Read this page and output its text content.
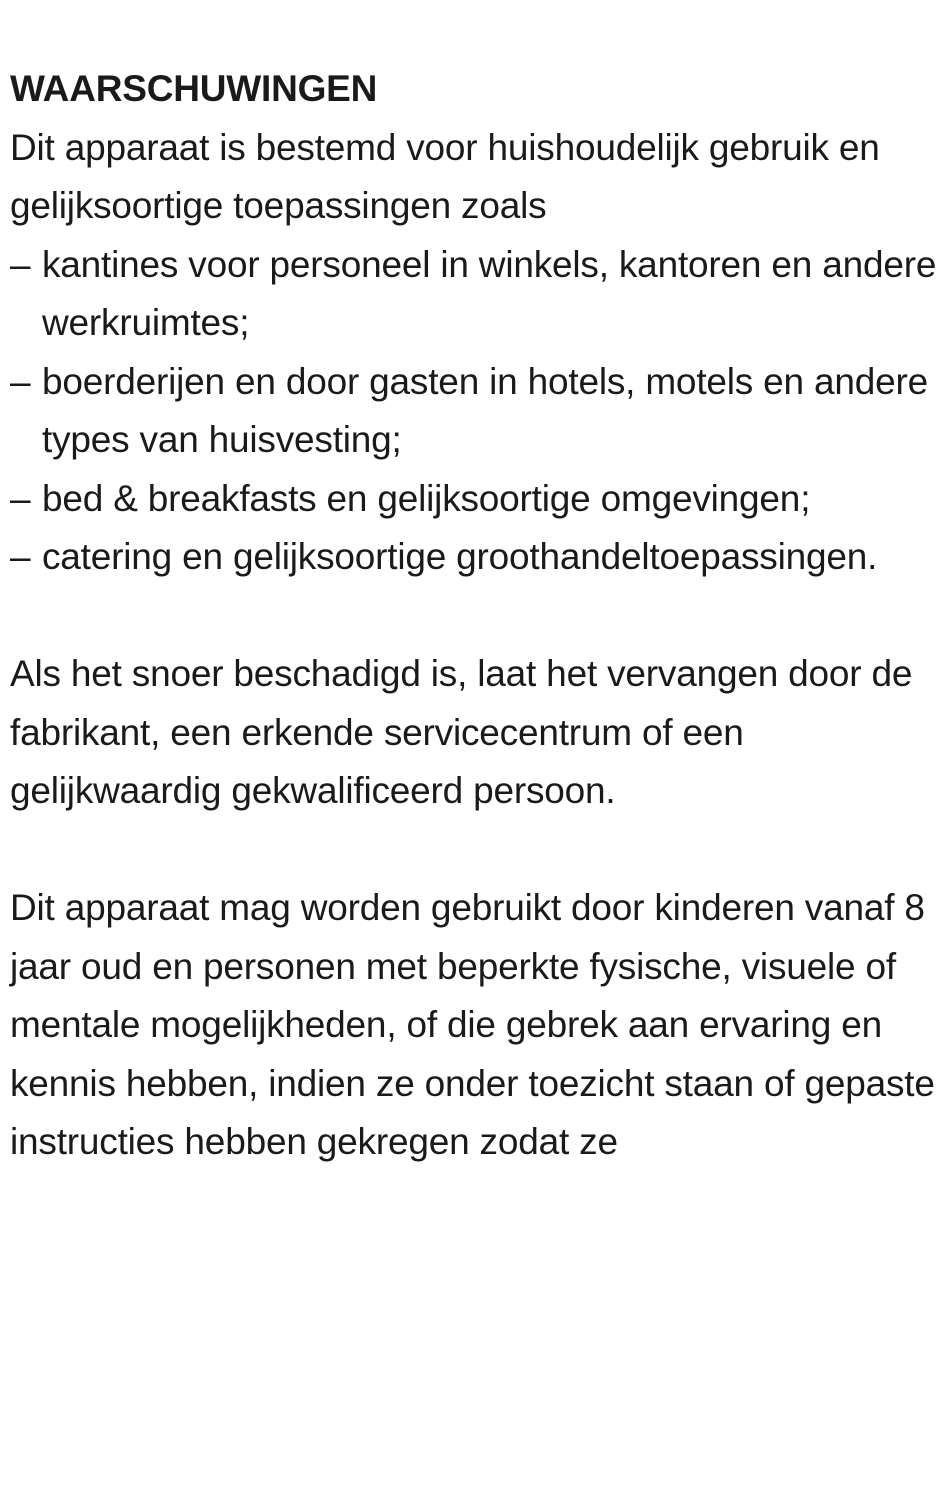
WAARSCHUWINGEN

Dit apparaat is bestemd voor huishoudelijk gebruik en gelijksoortige toepassingen zoals

– kantines voor personeel in winkels, kantoren en andere werkruimtes;
– boerderijen en door gasten in hotels, motels en andere types van huisvesting;
– bed & breakfasts en gelijksoortige omgevingen;
– catering en gelijksoortige groothandeltoepassingen.

Als het snoer beschadigd is, laat het vervangen door de fabrikant, een erkende servicecentrum of een gelijkwaardig gekwalificeerd persoon.

Dit apparaat mag worden gebruikt door kinderen vanaf 8 jaar oud en personen met beperkte fysische, visuele of mentale mogelijkheden, of die gebrek aan ervaring en kennis hebben, indien ze onder toezicht staan of gepaste instructies hebben gekregen zodat ze
